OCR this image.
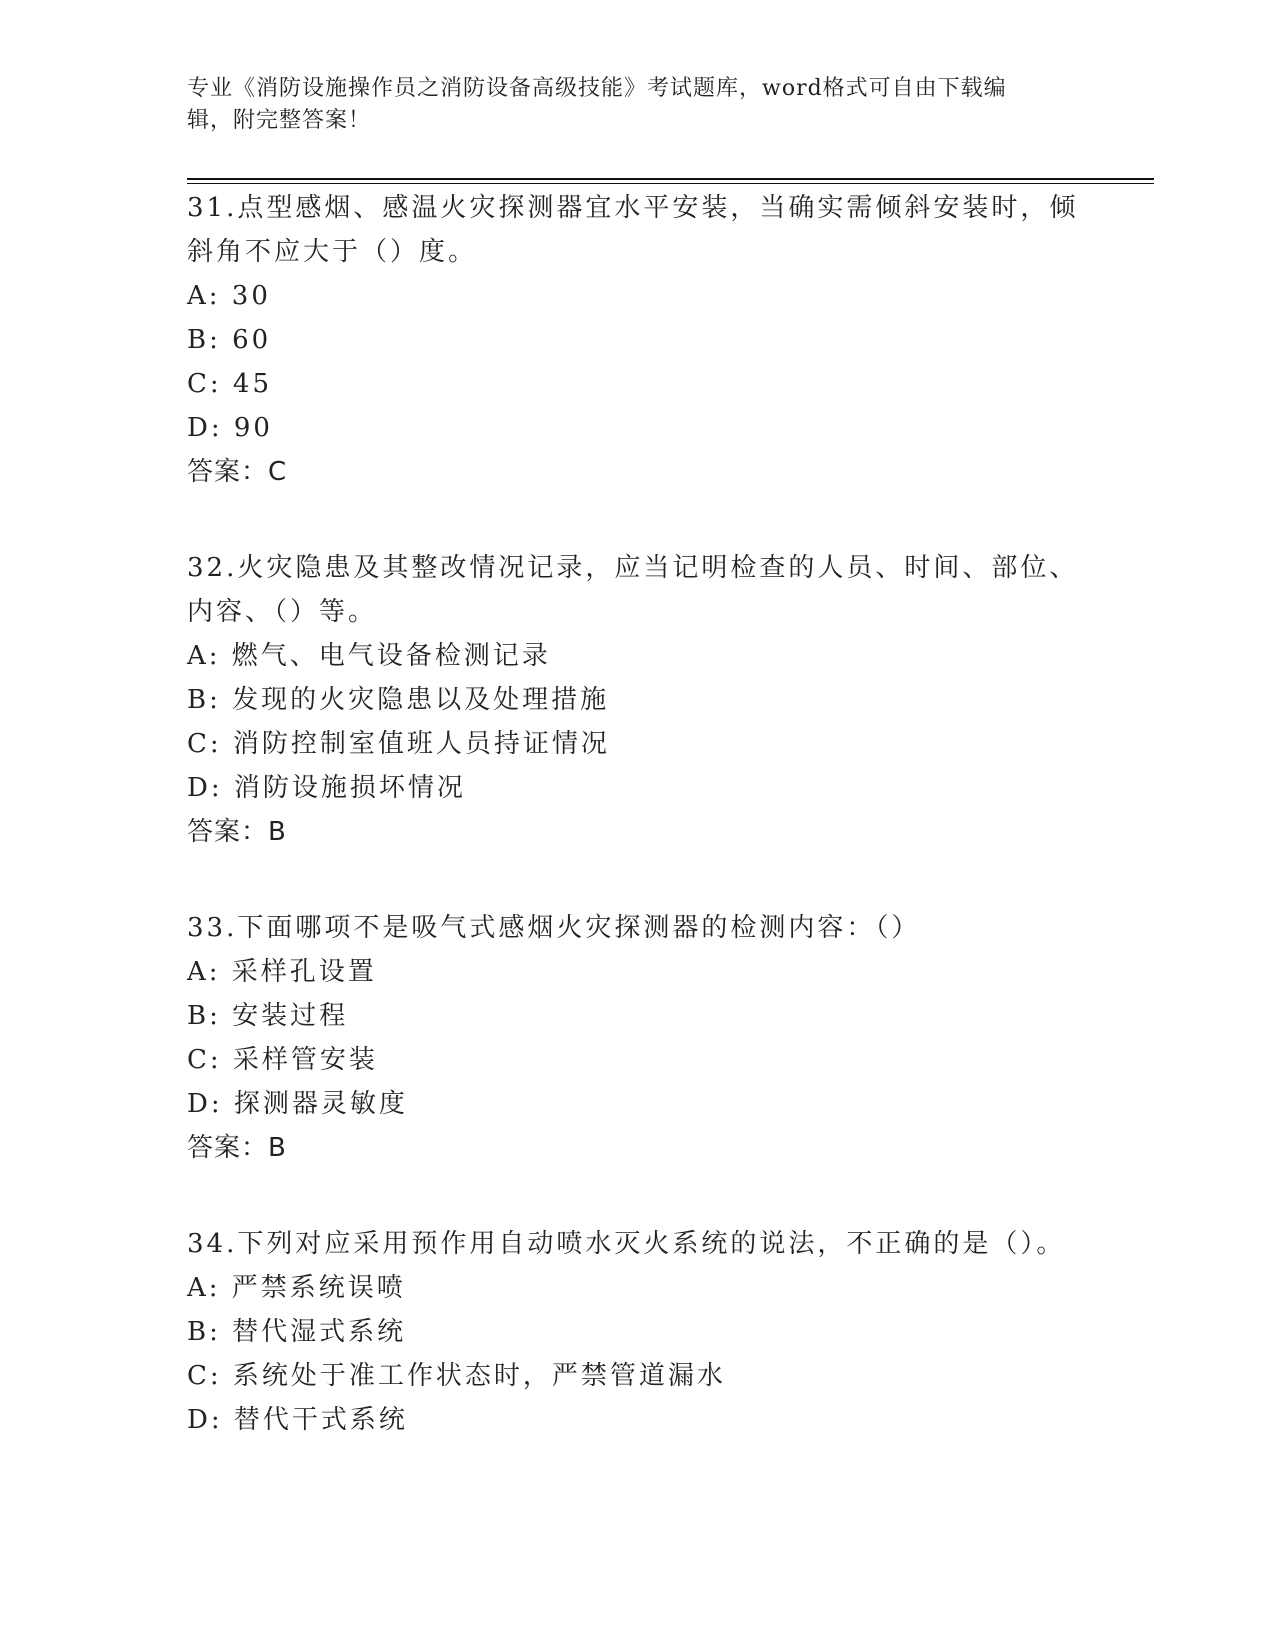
专业《消防设施操作员之消防设备高级技能》考试题库，word格式可自由下载编
辑，附完整答案！
31.点型感烟、感温火灾探测器宜水平安装，当确实需倾斜安装时，倾
斜角不应大于（）度。
A: 30
B: 60
C: 45
D: 90
答案：C
32.火灾隐患及其整改情况记录，应当记明检查的人员、时间、部位、
内容、（）等。
A: 燃气、电气设备检测记录
B: 发现的火灾隐患以及处理措施
C: 消防控制室值班人员持证情况
D: 消防设施损坏情况
答案：B
33.下面哪项不是吸气式感烟火灾探测器的检测内容：（）
A: 采样孔设置
B: 安装过程
C: 采样管安装
D: 探测器灵敏度
答案：B
34.下列对应采用预作用自动喷水灭火系统的说法，不正确的是（）。
A: 严禁系统误喷
B: 替代湿式系统
C: 系统处于准工作状态时，严禁管道漏水
D: 替代干式系统
